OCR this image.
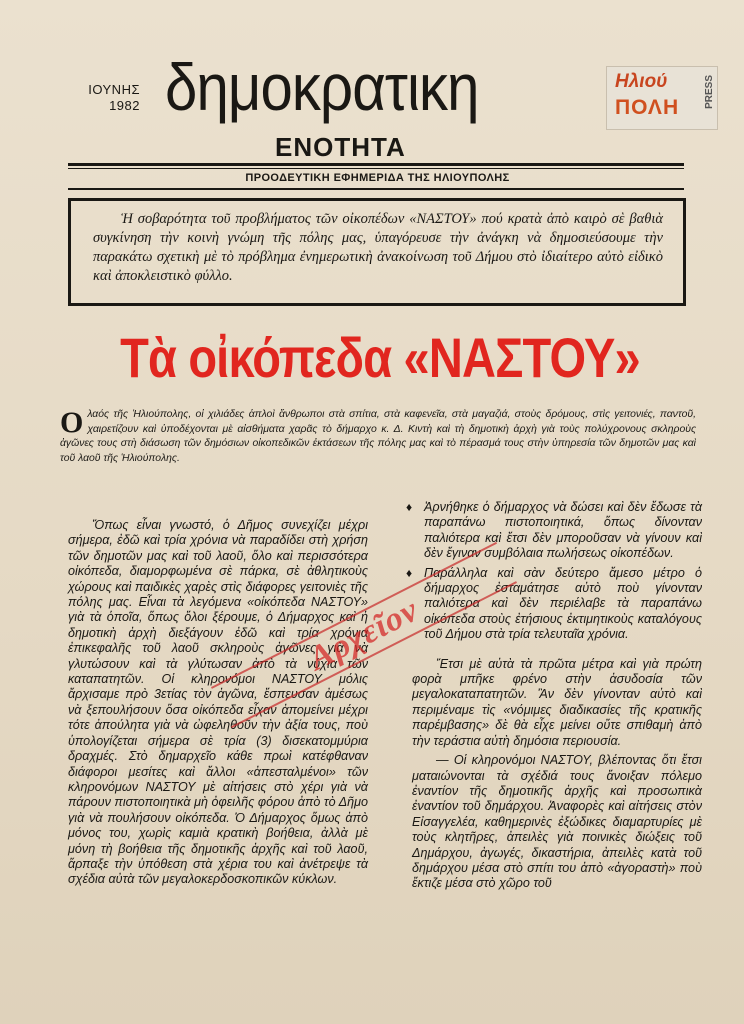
ΙΟΥΝΗΣ
1982 δημοκρατικη
ΕΝΟΤΗΤΑ
Ηλιού
ΠΟΛΗ PRESS
ΠΡΟΟΔΕΥΤΙΚΗ ΕΦΗΜΕΡΙΔΑ ΤΗΣ ΗΛΙΟΥΠΟΛΗΣ

Ἡ σοβαρότητα τοῦ προβλήματος τῶν οἰκοπέδων «ΝΑΣΤΟΥ» πού κρατὰ ἀπὸ καιρὸ σὲ βαθιὰ συγκίνηση τὴν κοινὴ γνώμη τῆς πόλης μας, ὑπαγόρευσε τὴν ἀνάγκη νὰ δημοσιεύσουμε τὴν παρακάτω σχετικὴ μὲ τὸ πρόβλημα ἐνημερωτικὴ ἀνακοίνωση τοῦ Δήμου στὸ ἰδιαίτερο αὐτὸ εἰδικὸ καὶ ἀποκλειστικὸ φύλλο.

Τὰ οἰκόπεδα «ΝΑΣΤΟΥ»
Ο λαός τῆς Ἡλιούπολης, οἱ χιλιάδες ἁπλοὶ ἄνθρωποι στὰ σπίτια, στὰ καφενεῖα, στὰ μαγαζιά, στοὺς δρόμους, στὶς γειτονιές, παντοῦ, χαιρετίζουν καὶ ὑποδέχονται μὲ αἰσθήματα χαρᾶς τὸ δήμαρχο κ. Δ. Κιντὴ καὶ τὴ δημοτικὴ ἀρχὴ γιὰ τοὺς πολύχρονους σκληροὺς ἀγῶνες τους στὴ διάσωση τῶν δημόσιων οἰκοπεδικῶν ἐκτάσεων τῆς πόλης μας καὶ τὸ πέρασμά τους στὴν ὑπηρεσία τῶν δημοτῶν μας καὶ τοῦ λαοῦ τῆς Ἡλιούπολης.

Ὅπως εἶναι γνωστό, ὁ Δῆμος συνεχίζει μέχρι σήμερα, ἐδῶ καὶ τρία χρόνια νὰ παραδίδει στὴ χρήση τῶν δημοτῶν μας καὶ τοῦ λαοῦ, ὅλο καὶ περισσότερα οἰκόπεδα, διαμορφωμένα σὲ πάρκα, σὲ ἀθλητικοὺς χώρους καὶ παιδικὲς χαρὲς στὶς διάφορες γειτονιὲς τῆς πόλης μας. Εἶναι τὰ λεγόμενα «οἰκόπεδα ΝΑΣΤΟΥ» γιὰ τὰ ὁποῖα, ὅπως ὅλοι ξέρουμε, ὁ Δήμαρχος καὶ ἡ δημοτικὴ ἀρχὴ διεξάγουν ἐδῶ καὶ τρία χρόνια ἐπικεφαλῆς τοῦ λαοῦ σκληροὺς ἀγῶνες γιὰ νὰ γλυτώσουν καὶ τὰ γλύτωσαν ἀπὸ τὰ νύχια τῶν καταπατητῶν. Οἱ κληρονόμοι ΝΑΣΤΟΥ μόλις ἄρχισαμε πρὸ 3ετίας τὸν ἀγῶνα, ἔσπευσαν ἀμέσως νὰ ξεπουλήσουν ὅσα οἰκόπεδα εἶχαν ἀπομείνει μέχρι τότε ἀπούλητα γιὰ νὰ ὠφεληθοῦν τὴν ἀξία τους, ποὺ ὑπολογίζεται σήμερα σὲ τρία (3) δισεκατομμύρια δραχμές. Στὸ δημαρχεῖο κάθε πρωὶ κατέφθαναν διάφοροι μεσίτες καὶ ἄλλοι «ἀπεσταλμένοι» τῶν κληρονόμων ΝΑΣΤΟΥ μὲ αἰτήσεις στὸ χέρι γιὰ νὰ πάρουν πιστοποιητικὰ μὴ ὀφειλῆς φόρου ἀπὸ τὸ Δῆμο γιὰ νὰ πουλήσουν οἰκόπεδα. Ὁ Δήμαρχος ὅμως ἀπὸ μόνος του, χωρὶς καμιὰ κρατικὴ βοήθεια, ἀλλὰ μὲ μόνη τὴ βοήθεια τῆς δημοτικῆς ἀρχῆς καὶ τοῦ λαοῦ, ἅρπαξε τὴν ὑπόθεση στὰ χέρια του καὶ ἀνέτρεψε τὰ σχέδια αὐτὰ τῶν μεγαλοκερδοσκοπικῶν κύκλων.

♦ Ἀρνήθηκε ὁ δήμαρχος νὰ δώσει καὶ δὲν ἔδωσε τὰ παραπάνω πιστοποιητικά, ὅπως δίνονταν παλιότερα καὶ ἔτσι δὲν μποροῦσαν νὰ γίνουν καὶ δὲν ἔγιναν συμβόλαια πωλήσεως οἰκοπέδων.

♦ Παράλληλα καὶ σὰν δεύτερο ἄμεσο μέτρο ὁ δήμαρχος ἐσταμάτησε αὐτὸ ποὺ γίνονταν παλιότερα καὶ δὲν περιέλαβε τὰ παραπάνω οἰκόπεδα στοὺς ἐτήσιους ἐκτιμητικοὺς καταλόγους τοῦ Δήμου στὰ τρία τελευταῖα χρόνια.

Ἔτσι μὲ αὐτὰ τὰ πρῶτα μέτρα καὶ γιὰ πρώτη φορὰ μπῆκε φρένο στὴν ἀσυδοσία τῶν μεγαλοκαταπατητῶν. Ἂν δὲν γίνονταν αὐτὸ καὶ περιμέναμε τὶς «νόμιμες διαδικασίες τῆς κρατικῆς παρέμβασης» δὲ θὰ εἶχε μείνει οὔτε σπιθαμὴ ἀπὸ τὴν τεράστια αὐτὴ δημόσια περιουσία.

— Οἱ κληρονόμοι ΝΑΣΤΟΥ, βλέποντας ὅτι ἔτσι ματαιώνονται τὰ σχέδιά τους ἄνοιξαν πόλεμο ἐναντίον τῆς δημοτικῆς ἀρχῆς καὶ προσωπικὰ ἐναντίον τοῦ δημάρχου. Ἀναφορὲς καὶ αἰτήσεις στὸν Εἰσαγγελέα, καθημερινὲς ἐξώδικες διαμαρτυρίες μὲ τοὺς κλητῆρες, ἀπειλὲς γιὰ ποινικὲς διώξεις τοῦ Δημάρχου, ἀγωγές, δικαστήρια, ἀπειλὲς κατὰ τοῦ δημάρχου μέσα στὸ σπίτι του ἀπὸ «ἀγοραστὴ» ποὺ ἔκτιζε μέσα στὸ χῶρο τοῦ

Αρχεῖον
